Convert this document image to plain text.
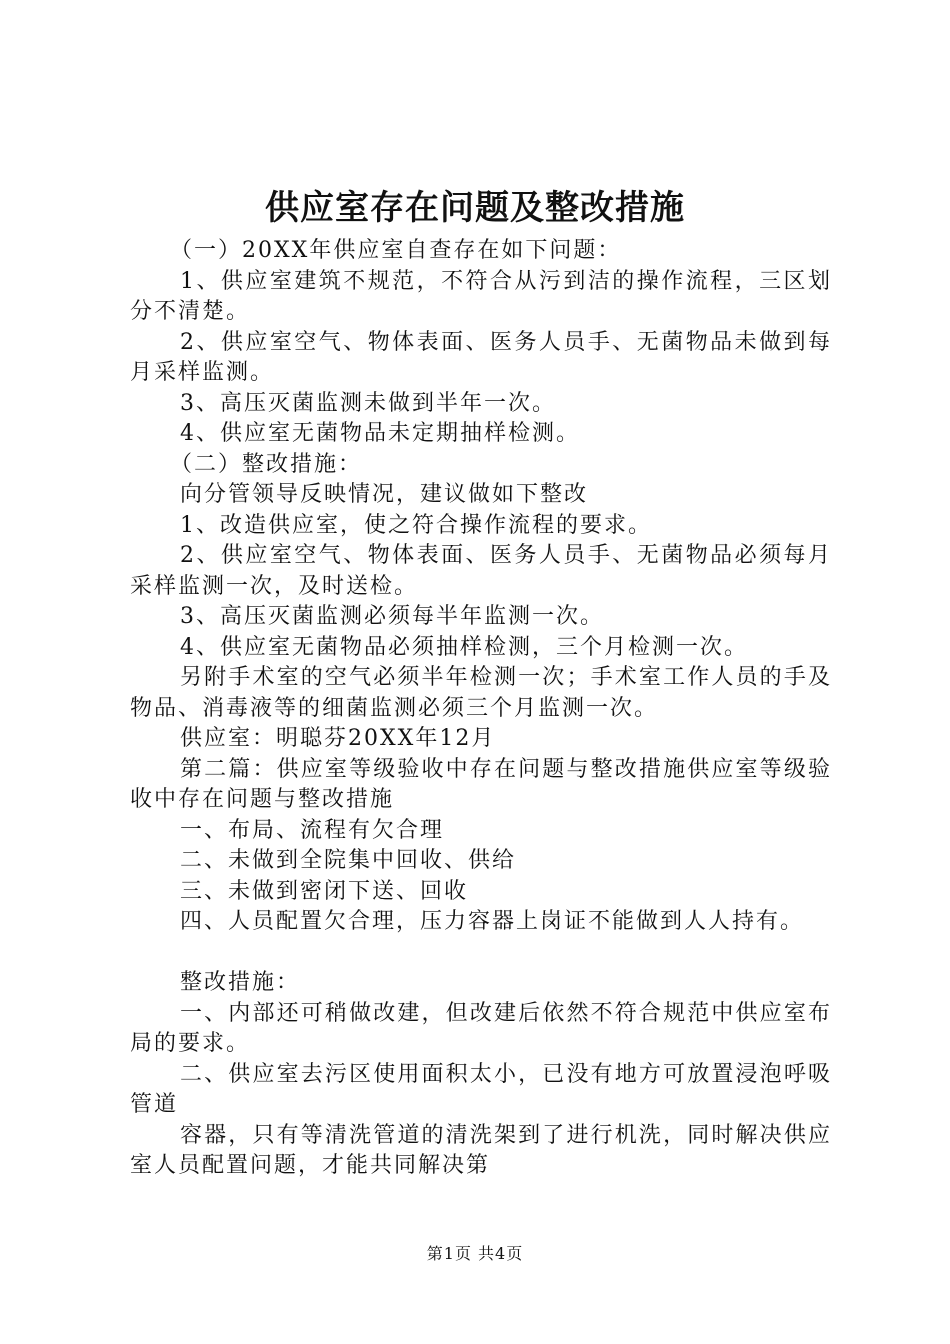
供应室存在问题及整改措施

（一）20XX年供应室自查存在如下问题：

1、供应室建筑不规范，不符合从污到洁的操作流程，三区划分不清楚。

2、供应室空气、物体表面、医务人员手、无菌物品未做到每月采样监测。

3、高压灭菌监测未做到半年一次。

4、供应室无菌物品未定期抽样检测。

（二）整改措施：

向分管领导反映情况，建议做如下整改

1、改造供应室，使之符合操作流程的要求。

2、供应室空气、物体表面、医务人员手、无菌物品必须每月采样监测一次，及时送检。

3、高压灭菌监测必须每半年监测一次。

4、供应室无菌物品必须抽样检测，三个月检测一次。

另附手术室的空气必须半年检测一次；手术室工作人员的手及物品、消毒液等的细菌监测必须三个月监测一次。

供应室：明聪芬20XX年12月

第二篇：供应室等级验收中存在问题与整改措施供应室等级验收中存在问题与整改措施

一、布局、流程有欠合理

二、未做到全院集中回收、供给

三、未做到密闭下送、回收

四、人员配置欠合理，压力容器上岗证不能做到人人持有。

整改措施：

一、内部还可稍做改建，但改建后依然不符合规范中供应室布局的要求。

二、供应室去污区使用面积太小，已没有地方可放置浸泡呼吸管道

容器，只有等清洗管道的清洗架到了进行机洗，同时解决供应室人员配置问题，才能共同解决第

第1页 共4页
